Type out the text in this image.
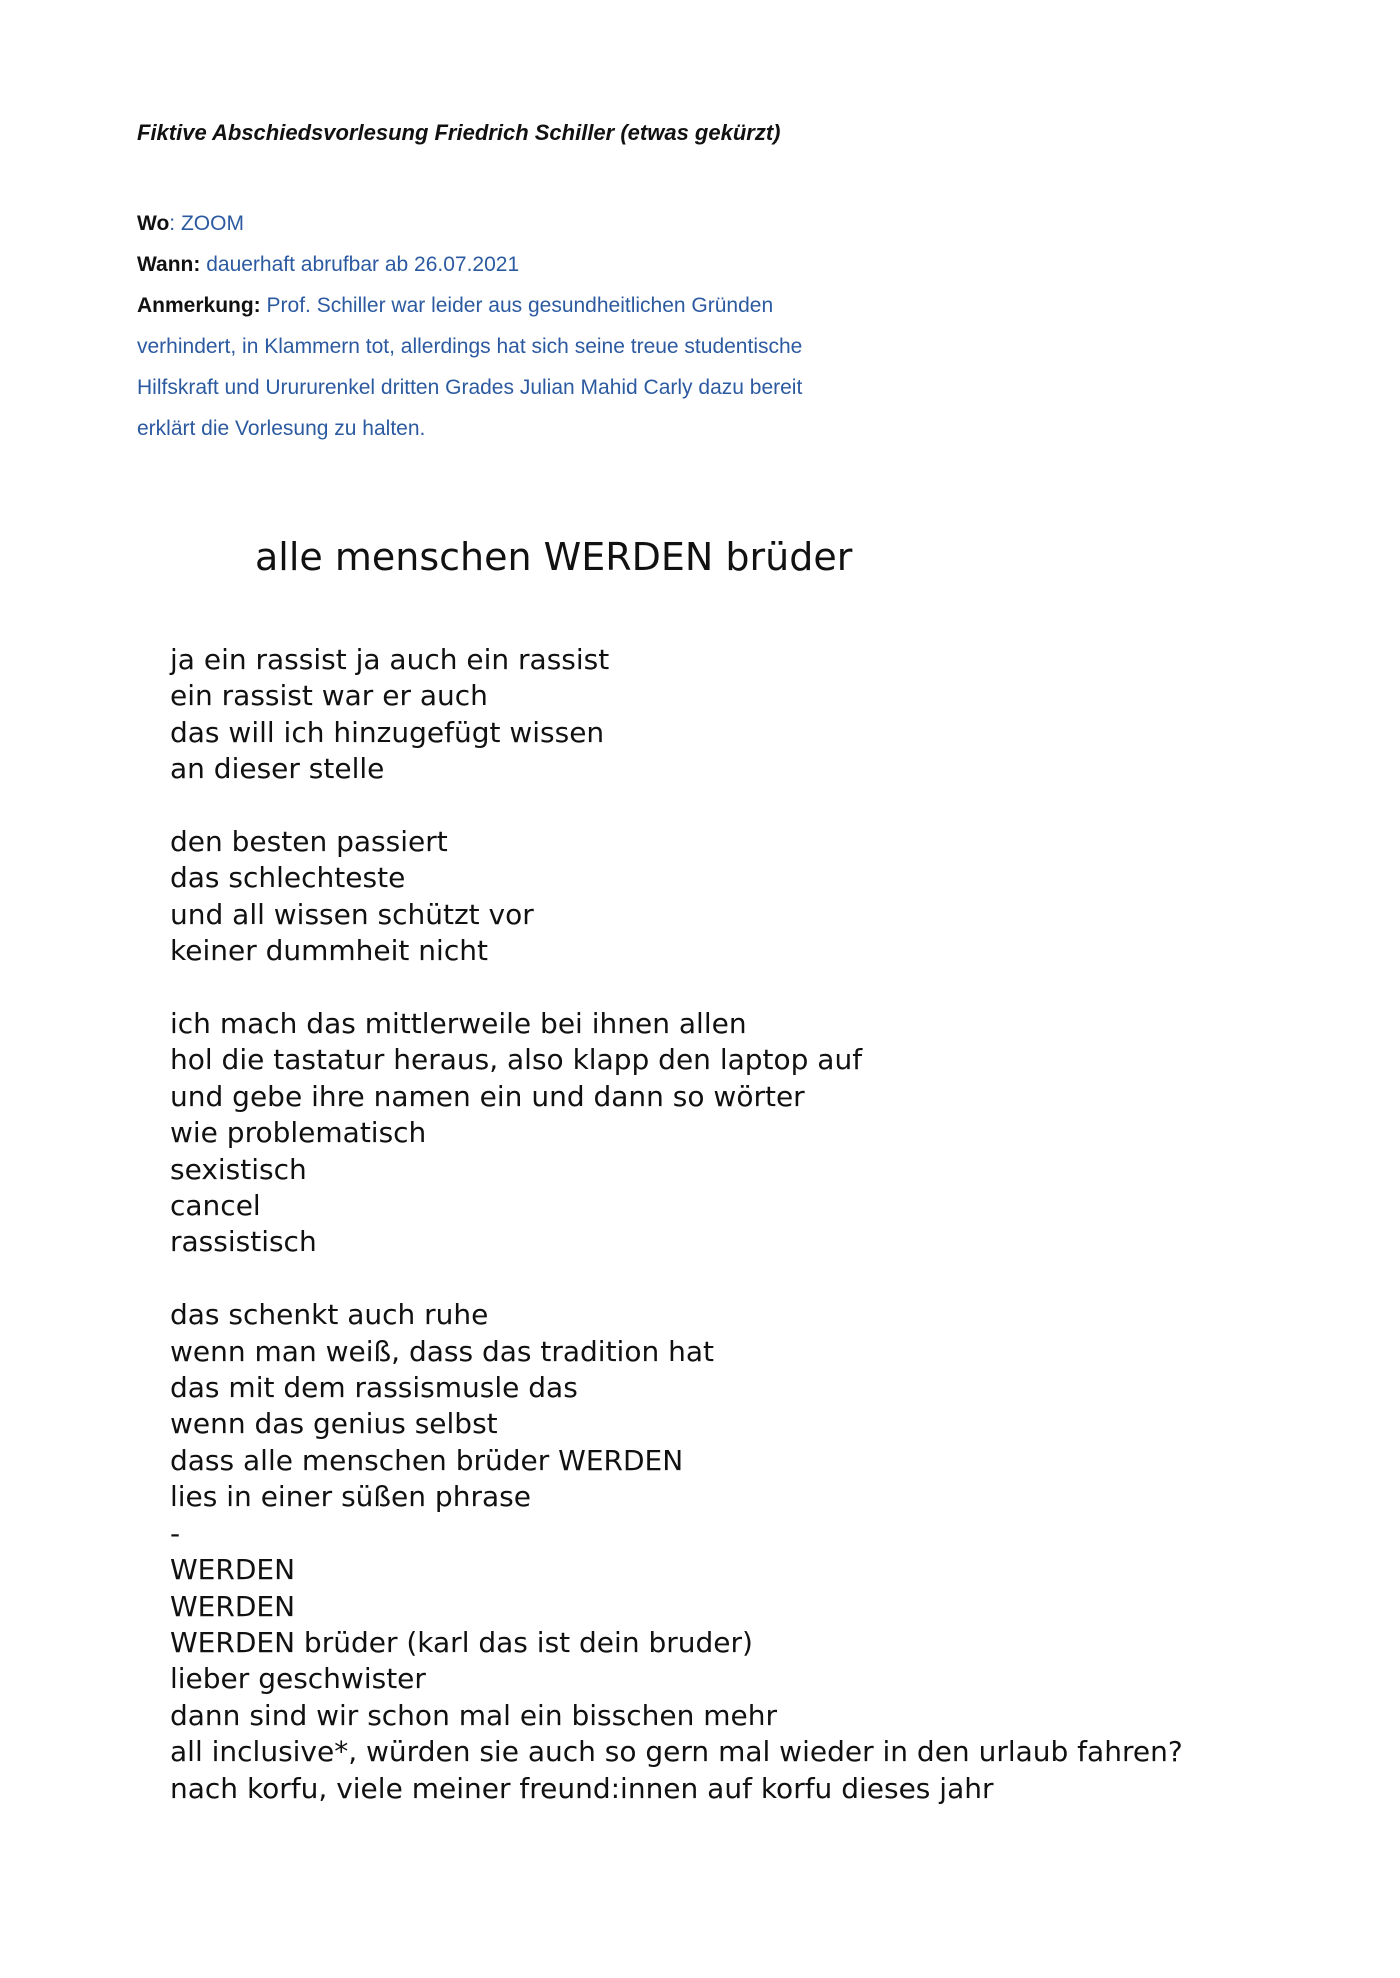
Fiktive Abschiedsvorlesung Friedrich Schiller (etwas gekürzt)
Wo: ZOOM
Wann: dauerhaft abrufbar ab 26.07.2021
Anmerkung: Prof. Schiller war leider aus gesundheitlichen Gründen
verhindert, in Klammern tot, allerdings hat sich seine treue studentische
Hilfskraft und Urururenkel dritten Grades Julian Mahid Carly dazu bereit
erklärt die Vorlesung zu halten.
alle menschen WERDEN brüder
ja ein rassist ja auch ein rassist
ein rassist war er auch
das will ich hinzugefügt wissen
an dieser stelle
den besten passiert
das schlechteste
und all wissen schützt vor
keiner dummheit nicht
ich mach das mittlerweile bei ihnen allen
hol die tastatur heraus, also klapp den laptop auf
und gebe ihre namen ein und dann so wörter
wie problematisch
sexistisch
cancel
rassistisch
das schenkt auch ruhe
wenn man weiß, dass das tradition hat
das mit dem rassismusle das
wenn das genius selbst
dass alle menschen brüder WERDEN
lies in einer süßen phrase
-
WERDEN
WERDEN
WERDEN brüder (karl das ist dein bruder)
lieber geschwister
dann sind wir schon mal ein bisschen mehr
all inclusive*, würden sie auch so gern mal wieder in den urlaub fahren?
nach korfu, viele meiner freund:innen auf korfu dieses jahr
